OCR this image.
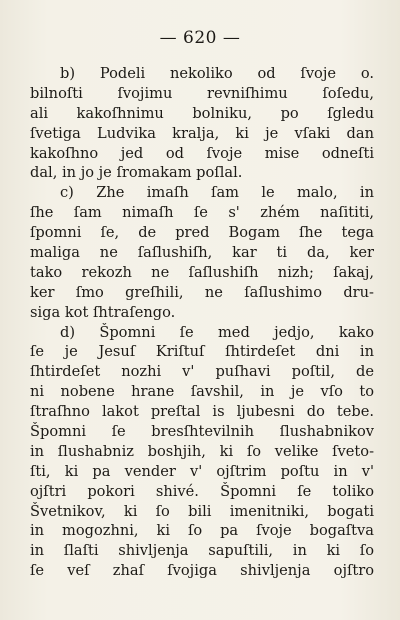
— 620 —
b) Podeli nekoliko od ſvoje o.
bilnoſti ſvojimu revniſhimu ſoſedu,
ali kakoſhnimu bolniku, po ſgledu
ſvetiga Ludvika kralja, ki je vſaki dan
kakoſhno jed od ſvoje mise odneſti
dal, in jo je ſromakam poſlal.
c) Zhe imaſh ſam le malo, in
ſhe ſam nimaſh ſe s' zhém naſititi,
ſpomni ſe, de pred Bogam ſhe tega
maliga ne ſaſlushiſh, kar ti da, ker
tako rekozh ne ſaſlushiſh nizh; ſakaj,
ker ſmo greſhili, ne ſaſlushimo dru-
siga kot ſhtraſengo.
d) Špomni ſe med jedjo, kako
ſe je Jesuſ Kriſtuſ ſhtirdeſet dni in
ſhtirdeſet nozhi v' puſhavi poſtil, de
ni nobene hrane ſavshil, in je vſo to
ſtraſhno lakot preſtal is ljubesni do tebe.
Špomni ſe bresſhtevilnih ſlushabnikov
in ſlushabniz boshjih, ki ſo velike ſveto-
ſti, ki pa vender v' ojſtrim poſtu in v'
ojſtri pokori shivé. Špomni ſe toliko
Švetnikov, ki ſo bili imenitniki, bogati
in mogozhni, ki ſo pa ſvoje bogaſtva
in ſlaſti shivljenja sapuſtili, in ki ſo
ſe veſ zhaſ ſvojiga shivljenja ojſtro
